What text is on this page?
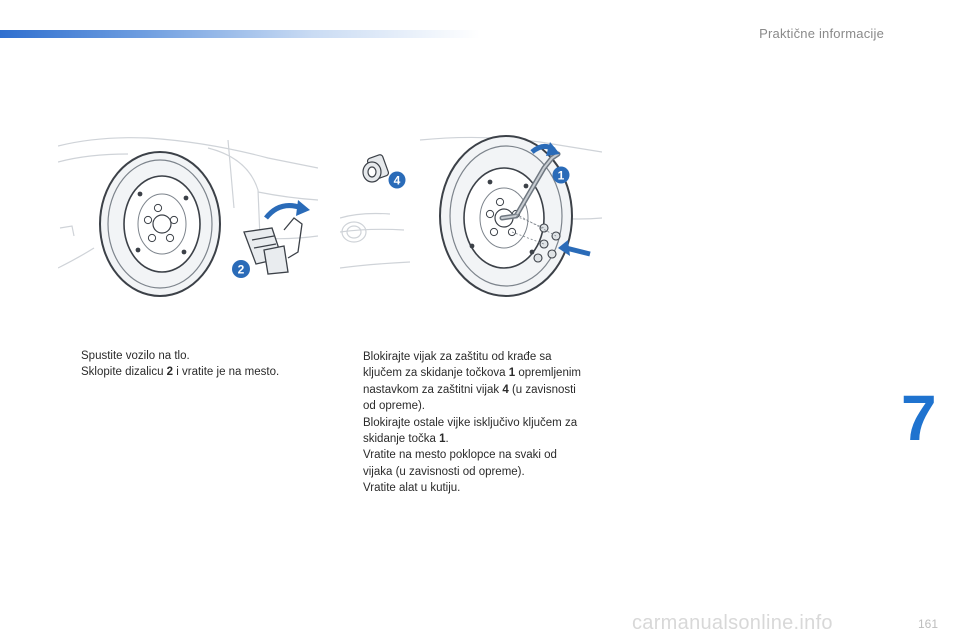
Praktične informacije
2
4	1

Spustite vozilo na tlo.

Sklopite dizalicu 2 i vratite je na mesto.

Blokirajte vijak za zaštitu od krađe sa
ključem za skidanje točkova 1 opremljenim
nastavkom za zaštitni vijak 4 (u zavisnosti
od opreme).

Blokirajte ostale vijke isključivo ključem za
skidanje točka 1.

Vratite na mesto poklopce na svaki od
vijaka (u zavisnosti od opreme).

Vratite alat u kutiju.

7
161
carmanualsonline.info
